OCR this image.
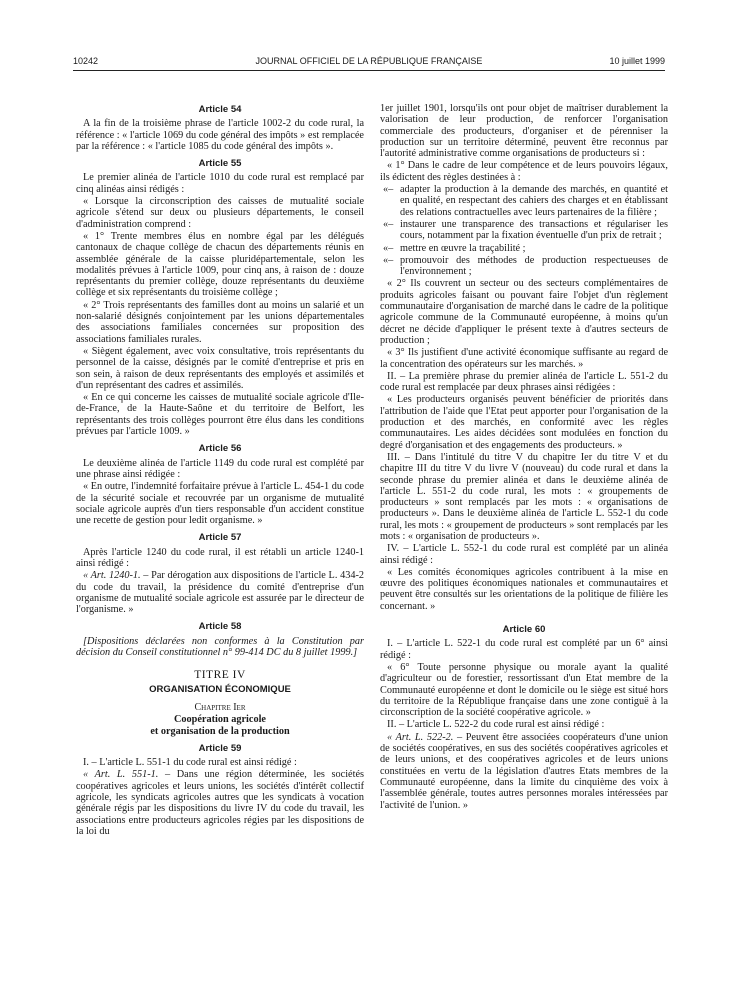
10242	JOURNAL OFFICIEL DE LA RÉPUBLIQUE FRANÇAISE	10 juillet 1999
Article 54

A la fin de la troisième phrase de l'article 1002-2 du code rural, la référence : « l'article 1069 du code général des impôts » est remplacée par la référence : « l'article 1085 du code général des impôts ».

Article 55

Le premier alinéa de l'article 1010 du code rural est remplacé par cinq alinéas ainsi rédigés :

« Lorsque la circonscription des caisses de mutualité sociale agricole s'étend sur deux ou plusieurs départements, le conseil d'administration comprend :

« 1° Trente membres élus en nombre égal par les délégués cantonaux de chaque collège de chacun des départements réunis en assemblée générale de la caisse pluridépartementale, selon les modalités prévues à l'article 1009, pour cinq ans, à raison de : douze représentants du premier collège, douze représentants du deuxième collège et six représentants du troisième collège ;

« 2° Trois représentants des familles dont au moins un salarié et un non-salarié désignés conjointement par les unions départementales des associations familiales concernées sur proposition des associations familiales rurales.

« Siègent également, avec voix consultative, trois représentants du personnel de la caisse, désignés par le comité d'entreprise et pris en son sein, à raison de deux représentants des employés et assimilés et d'un représentant des cadres et assimilés.

« En ce qui concerne les caisses de mutualité sociale agricole d'Ile-de-France, de la Haute-Saône et du territoire de Belfort, les représentants des trois collèges pourront être élus dans les conditions prévues par l'article 1009. »

Article 56

Le deuxième alinéa de l'article 1149 du code rural est complété par une phrase ainsi rédigée :

« En outre, l'indemnité forfaitaire prévue à l'article L. 454-1 du code de la sécurité sociale et recouvrée par un organisme de mutualité sociale agricole auprès d'un tiers responsable d'un accident constitue une recette de gestion pour ledit organisme. »

Article 57

Après l'article 1240 du code rural, il est rétabli un article 1240-1 ainsi rédigé :

« Art. 1240-1. – Par dérogation aux dispositions de l'article L. 434-2 du code du travail, la présidence du comité d'entreprise d'un organisme de mutualité sociale agricole est assurée par le directeur de l'organisme. »

Article 58

[Dispositions déclarées non conformes à la Constitution par décision du Conseil constitutionnel n° 99-414 DC du 8 juillet 1999.]

TITRE IV
ORGANISATION ÉCONOMIQUE
Chapitre Ier
Coopération agricole
et organisation de la production
Article 59

I. – L'article L. 551-1 du code rural est ainsi rédigé :

« Art. L. 551-1. – Dans une région déterminée, les sociétés coopératives agricoles et leurs unions, les sociétés d'intérêt collectif agricole, les syndicats agricoles autres que les syndicats à vocation générale régis par les dispositions du livre IV du code du travail, les associations entre producteurs agricoles régies par les dispositions de la loi du

1er juillet 1901, lorsqu'ils ont pour objet de maîtriser durablement la valorisation de leur production, de renforcer l'organisation commerciale des producteurs, d'organiser et de pérenniser la production sur un territoire déterminé, peuvent être reconnus par l'autorité administrative comme organisations de producteurs si :

« 1° Dans le cadre de leur compétence et de leurs pouvoirs légaux, ils édictent des règles destinées à :

«– adapter la production à la demande des marchés, en quantité et en qualité, en respectant des cahiers des charges et en établissant des relations contractuelles avec leurs partenaires de la filière ;
«– instaurer une transparence des transactions et régulariser les cours, notamment par la fixation éventuelle d'un prix de retrait ;
«– mettre en œuvre la traçabilité ;
«– promouvoir des méthodes de production respectueuses de l'environnement ;

« 2° Ils couvrent un secteur ou des secteurs complémentaires de produits agricoles faisant ou pouvant faire l'objet d'un règlement communautaire d'organisation de marché dans le cadre de la politique agricole commune de la Communauté européenne, à moins qu'un décret ne décide d'appliquer le présent texte à d'autres secteurs de production ;

« 3° Ils justifient d'une activité économique suffisante au regard de la concentration des opérateurs sur les marchés. »

II. – La première phrase du premier alinéa de l'article L. 551-2 du code rural est remplacée par deux phrases ainsi rédigées :

« Les producteurs organisés peuvent bénéficier de priorités dans l'attribution de l'aide que l'Etat peut apporter pour l'organisation de la production et des marchés, en conformité avec les règles communautaires. Les aides décidées sont modulées en fonction du degré d'organisation et des engagements des producteurs. »

III. – Dans l'intitulé du titre V du chapitre Ier du titre V et du chapitre III du titre V du livre V (nouveau) du code rural et dans la seconde phrase du premier alinéa et dans le deuxième alinéa de l'article L. 551-2 du code rural, les mots : « groupements de producteurs » sont remplacés par les mots : « organisations de producteurs ». Dans le deuxième alinéa de l'article L. 552-1 du code rural, les mots : « groupement de producteurs » sont remplacés par les mots : « organisation de producteurs ».

IV. – L'article L. 552-1 du code rural est complété par un alinéa ainsi rédigé :

« Les comités économiques agricoles contribuent à la mise en œuvre des politiques économiques nationales et communautaires et peuvent être consultés sur les orientations de la politique de filière les concernant. »

Article 60

I. – L'article L. 522-1 du code rural est complété par un 6° ainsi rédigé :

« 6° Toute personne physique ou morale ayant la qualité d'agriculteur ou de forestier, ressortissant d'un Etat membre de la Communauté européenne et dont le domicile ou le siège est situé hors du territoire de la République française dans une zone contiguë à la circonscription de la société coopérative agricole. »

II. – L'article L. 522-2 du code rural est ainsi rédigé :

« Art. L. 522-2. – Peuvent être associées coopérateurs d'une union de sociétés coopératives, en sus des sociétés coopératives agricoles et de leurs unions, et des coopératives agricoles et de leurs unions constituées en vertu de la législation d'autres Etats membres de la Communauté européenne, dans la limite du cinquième des voix à l'assemblée générale, toutes autres personnes morales intéressées par l'activité de l'union. »
